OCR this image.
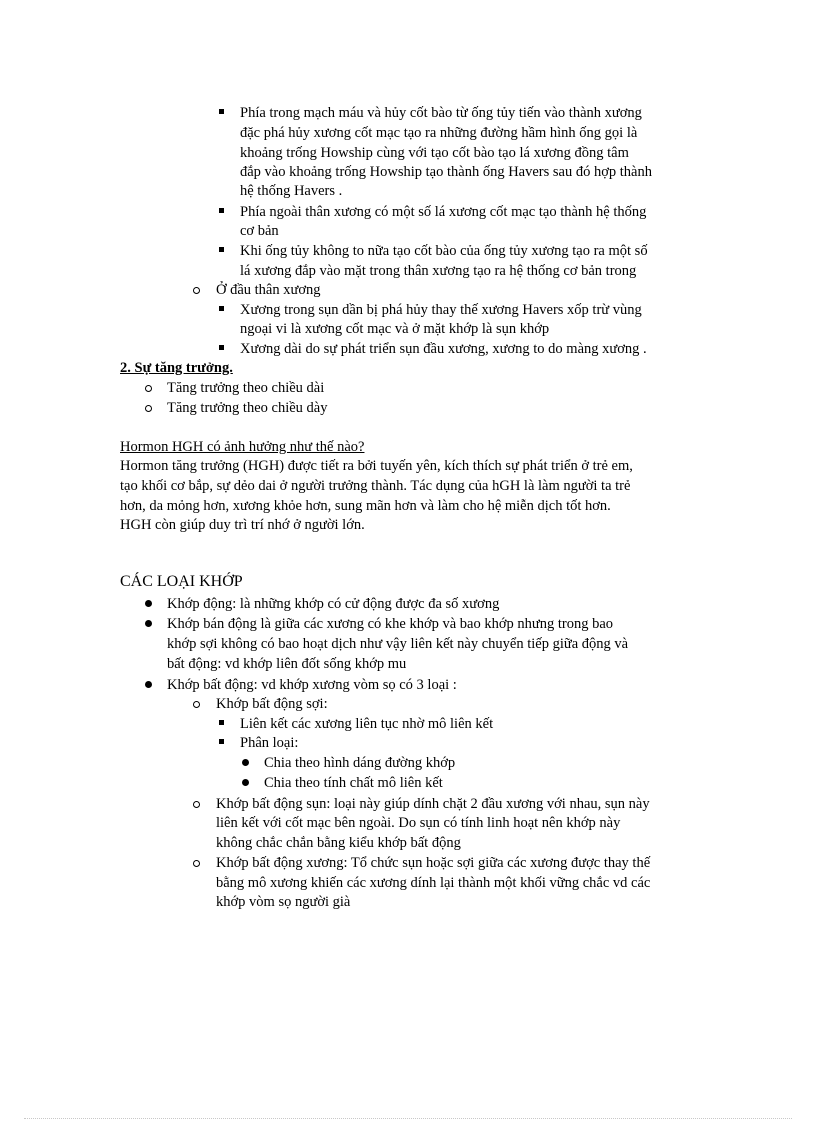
Phía trong mạch máu và hủy cốt bào từ ống tủy tiến vào thành xương
đặc phá hủy xương cốt mạc tạo ra những đường hầm hình ống gọi là
khoảng trống Howship cùng với tạo cốt bào tạo lá xương đồng tâm
đắp vào khoảng trống Howship tạo thành ống Havers sau đó hợp thành
hệ thống Havers .
Phía ngoài thân xương có một số lá xương cốt mạc tạo thành hệ thống
cơ bản
Khi ống tủy không to nữa tạo cốt bào của ống tủy xương tạo ra một số
lá xương đắp vào mặt trong thân xương tạo ra hệ thống cơ bản trong
Ở đầu thân xương
Xương trong sụn dần bị phá hủy thay thế xương Havers xốp trừ vùng
ngoại vi là xương cốt mạc và ở mặt khớp là sụn khớp
Xương dài do sự phát triển sụn đầu xương, xương to do màng xương .
2. Sự tăng trưởng.
Tăng trưởng theo chiều dài
Tăng trưởng theo chiều dày
Hormon HGH có ảnh hưởng như thế nào?
Hormon tăng trưởng (HGH) được tiết ra bởi tuyến yên, kích thích sự phát triển ở trẻ em,
tạo khối cơ bắp, sự dẻo dai ở người trưởng thành. Tác dụng của hGH là làm người ta trẻ
hơn, da mỏng hơn, xương khỏe hơn, sung mãn hơn và làm cho hệ miễn dịch tốt hơn.
HGH còn giúp duy trì trí nhớ ở người lớn.
CÁC LOẠI KHỚP
Khớp động: là những khớp có cử động được đa số xương
Khớp bán động là giữa các xương có khe khớp và bao khớp nhưng trong bao
khớp sợi không có bao hoạt dịch như vậy liên kết này chuyển tiếp giữa động và
bất động: vd khớp liên đốt sống khớp mu
Khớp bất động: vd khớp xương vòm sọ có 3 loại :
Khớp bất động sợi:
Liên kết các xương liên tục nhờ mô liên kết
Phân loại:
Chia theo hình dáng đường khớp
Chia theo tính chất mô liên kết
Khớp bất động sụn: loại này giúp dính chặt 2 đầu xương với nhau, sụn này
liên kết với cốt mạc bên ngoài. Do sụn có tính linh hoạt nên khớp này
không chắc chắn bằng kiểu khớp bất động
Khớp bất động xương: Tổ chức sụn hoặc sợi giữa các xương được thay thế
bằng mô xương khiến các xương dính lại thành một khối vững chắc vd các
khớp vòm sọ người già
